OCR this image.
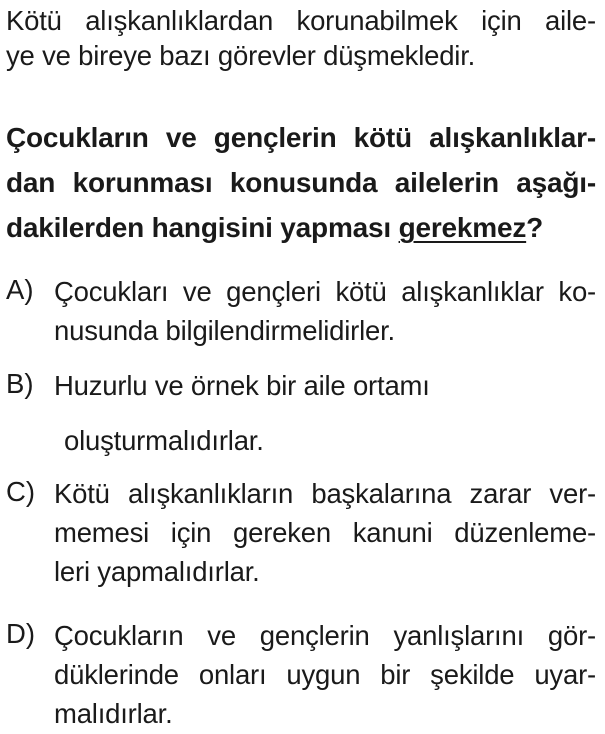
Kötü alışkanlıklardan korunabilmek için aile-
ye ve bireye bazı görevler düşmekledir.
Çocukların ve gençlerin kötü alışkanlıklar-
dan korunması konusunda ailelerin aşağı-
dakilerden hangisini yapması gerekmez?
A) Çocukları ve gençleri kötü alışkanlıklar ko-
nusunda bilgilendirmelidirler.
B) Huzurlu ve örnek bir aile ortamı
oluşturmalıdırlar.
C) Kötü alışkanlıkların başkalarına zarar ver-
memesi için gereken kanuni düzenleme-
leri yapmalıdırlar.
D) Çocukların ve gençlerin yanlışlarını gör-
düklerinde onları uygun bir şekilde uyar-
malıdırlar.
